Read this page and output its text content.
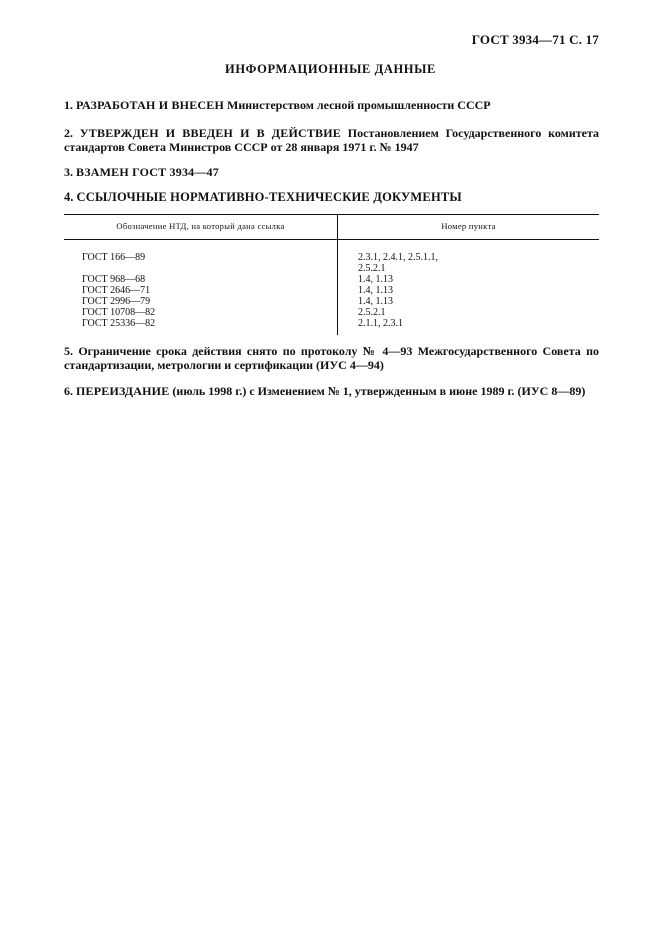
ГОСТ 3934—71 С. 17
ИНФОРМАЦИОННЫЕ ДАННЫЕ
1. РАЗРАБОТАН И ВНЕСЕН Министерством лесной промышленности СССР
2. УТВЕРЖДЕН И ВВЕДЕН И В ДЕЙСТВИЕ Постановлением Государственного комитета стандартов Совета Министров СССР от 28 января 1971 г. № 1947
3. ВЗАМЕН ГОСТ 3934—47
4. ССЫЛОЧНЫЕ НОРМАТИВНО-ТЕХНИЧЕСКИЕ ДОКУМЕНТЫ
Обозначение НТД, на который дана ссылка	Номер пункта
ГОСТ 166—89	2.3.1, 2.4.1, 2.5.1.1,
2.5.2.1
ГОСТ 968—68	1.4, 1.13
ГОСТ 2646—71	1.4, 1.13
ГОСТ 2996—79	1.4, 1.13
ГОСТ 10708—82	2.5.2.1
ГОСТ 25336—82	2.1.1, 2.3.1
5. Ограничение срока действия снято по протоколу № 4—93 Межгосударственного Совета по стандартизации, метрологии и сертификации (ИУС 4—94)
6. ПЕРЕИЗДАНИЕ (июль 1998 г.) с Изменением № 1, утвержденным в июне 1989 г. (ИУС 8—89)
